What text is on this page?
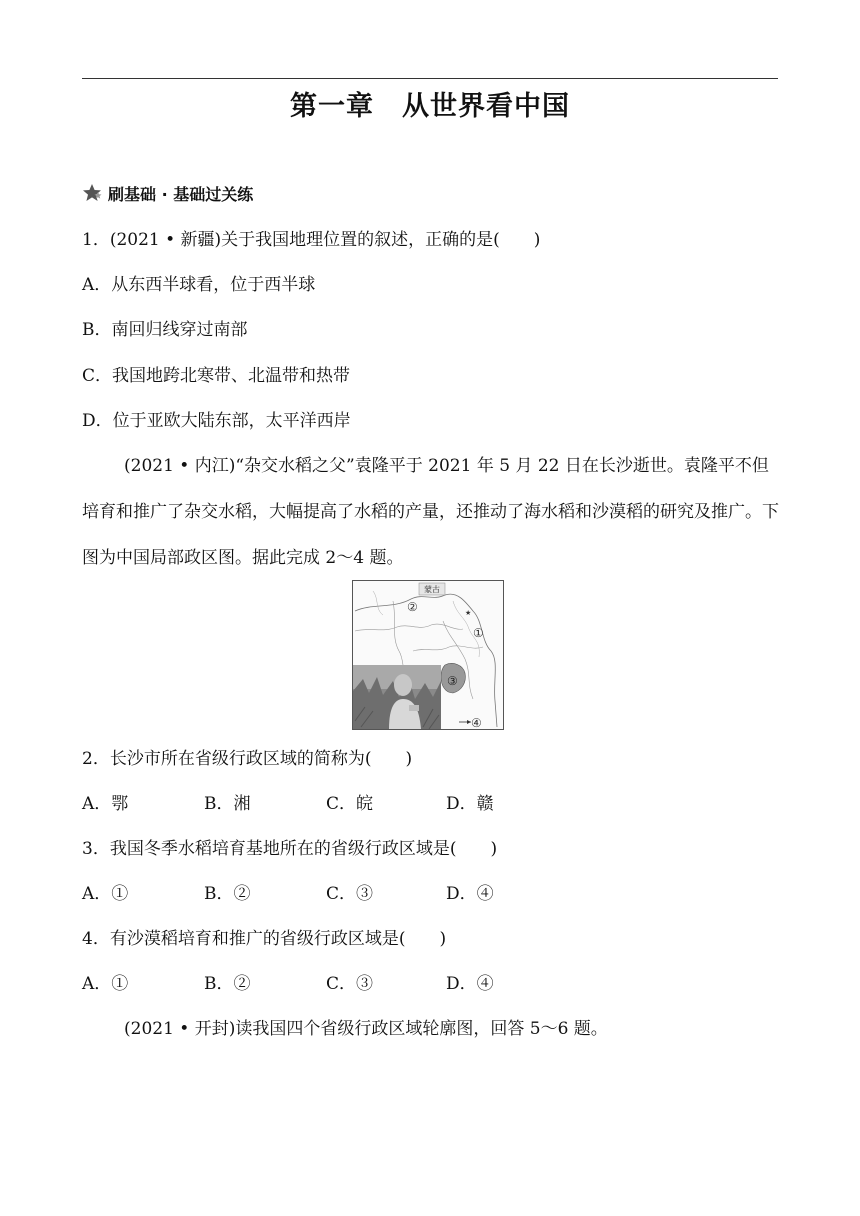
第一章　从世界看中国
刷基础 · 基础过关练
1．(2021 • 新疆)关于我国地理位置的叙述，正确的是(　　)
A．从东西半球看，位于西半球
B．南回归线穿过南部
C．我国地跨北寒带、北温带和热带
D．位于亚欧大陆东部，太平洋西岸
(2021 • 内江)“杂交水稻之父”袁隆平于 2021 年 5 月 22 日在长沙逝世。袁隆平不但培育和推广了杂交水稻，大幅提高了水稻的产量，还推动了海水稻和沙漠稻的研究及推广。下图为中国局部政区图。据此完成 2～4 题。
蒙古
★
①
②
③
④
2．长沙市所在省级行政区域的简称为(　　)
A．鄂	B．湘	C．皖	D．赣
3．我国冬季水稻培育基地所在的省级行政区域是(　　)
A．①	B．②	C．③	D．④
4．有沙漠稻培育和推广的省级行政区域是(　　)
A．①	B．②	C．③	D．④
(2021 • 开封)读我国四个省级行政区域轮廓图，回答 5～6 题。
